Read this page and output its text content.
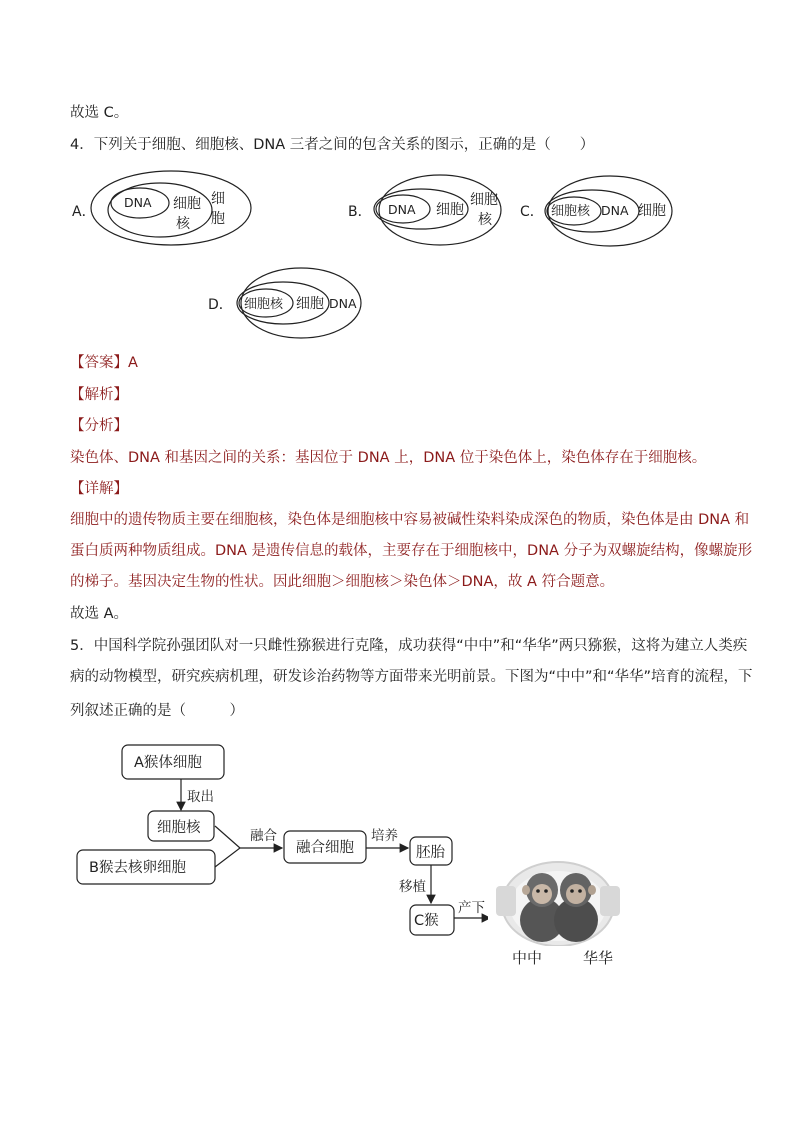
故选 C。
4．下列关于细胞、细胞核、DNA 三者之间的包含关系的图示，正确的是（　　）
A．
DNA 细胞
核
细
胞	B． DNA 细胞
细胞
核 C． 细胞核 DNA 细胞
D． 细胞核 细胞 DNA
【答案】A
【解析】
【分析】
染色体、DNA 和基因之间的关系：基因位于 DNA 上，DNA 位于染色体上，染色体存在于细胞核。
【详解】
细胞中的遗传物质主要在细胞核，染色体是细胞核中容易被碱性染料染成深色的物质，染色体是由 DNA 和
蛋白质两种物质组成。DNA 是遗传信息的载体，主要存在于细胞核中，DNA 分子为双螺旋结构，像螺旋形
的梯子。基因决定生物的性状。因此细胞＞细胞核＞染色体＞DNA，故 A 符合题意。
故选 A。
5．中国科学院孙强团队对一只雌性猕猴进行克隆，成功获得“中中”和“华华”两只猕猴，这将为建立人类疾
病的动物模型，研究疾病机理，研发诊治药物等方面带来光明前景。下图为“中中”和“华华”培育的流程，下
列叙述正确的是（　　　）
A猴体细胞
取出
细胞核
B猴去核卵细胞
融合
融合细胞
培养
胚胎
移植
C猴
产下
中中	华华
